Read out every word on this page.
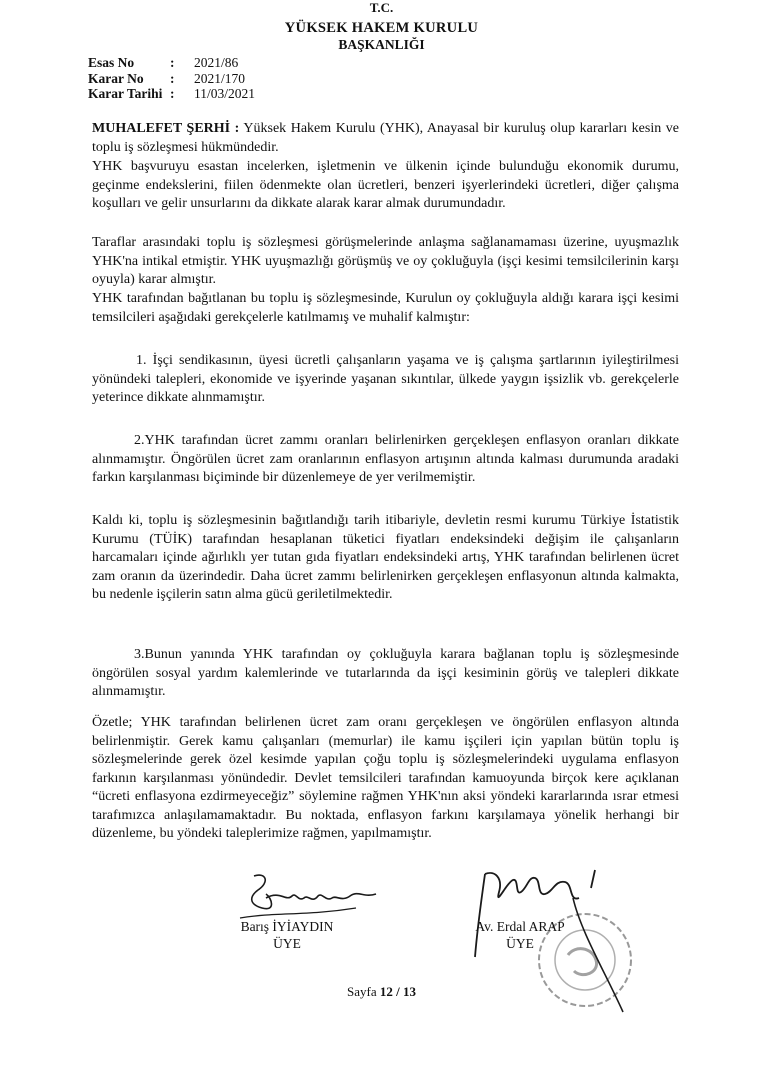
T.C.
YÜKSEK HAKEM KURULU
BAŞKANLIĞI
Esas No	:	2021/86
Karar No	:	2021/170
Karar Tarihi :	11/03/2021

MUHALEFET ŞERHİ : Yüksek Hakem Kurulu (YHK), Anayasal bir kuruluş olup kararları kesin ve toplu iş sözleşmesi hükmündedir.

YHK başvuruyu esastan incelerken, işletmenin ve ülkenin içinde bulunduğu ekonomik durumu, geçinme endekslerini, fiilen ödenmekte olan ücretleri, benzeri işyerlerindeki ücretleri, diğer çalışma koşulları ve gelir unsurlarını da dikkate alarak karar almak durumundadır.

Taraflar arasındaki toplu iş sözleşmesi görüşmelerinde anlaşma sağlanamaması üzerine, uyuşmazlık YHK'na intikal etmiştir. YHK uyuşmazlığı görüşmüş ve oy çokluğuyla (işçi kesimi temsilcilerinin karşı oyuyla) karar almıştır.

YHK tarafından bağıtlanan bu toplu iş sözleşmesinde, Kurulun oy çokluğuyla aldığı karara işçi kesimi temsilcileri aşağıdaki gerekçelerle katılmamış ve muhalif kalmıştır:

1. İşçi sendikasının, üyesi ücretli çalışanların yaşama ve iş çalışma şartlarının iyileştirilmesi yönündeki talepleri, ekonomide ve işyerinde yaşanan sıkıntılar, ülkede yaygın işsizlik vb. gerekçelerle yeterince dikkate alınmamıştır.

2.YHK tarafından ücret zammı oranları belirlenirken gerçekleşen enflasyon oranları dikkate alınmamıştır. Öngörülen ücret zam oranlarının enflasyon artışının altında kalması durumunda aradaki farkın karşılanması biçiminde bir düzenlemeye de yer verilmemiştir.

Kaldı ki, toplu iş sözleşmesinin bağıtlandığı tarih itibariyle, devletin resmi kurumu Türkiye İstatistik Kurumu (TÜİK) tarafından hesaplanan tüketici fiyatları endeksindeki değişim ile çalışanların harcamaları içinde ağırlıklı yer tutan gıda fiyatları endeksindeki artış, YHK tarafından belirlenen ücret zam oranın da üzerindedir. Daha ücret zammı belirlenirken gerçekleşen enflasyonun altında kalmakta, bu nedenle işçilerin satın alma gücü geriletilmektedir.

3.Bunun yanında YHK tarafından oy çokluğuyla karara bağlanan toplu iş sözleşmesinde öngörülen sosyal yardım kalemlerinde ve tutarlarında da işçi kesiminin görüş ve talepleri dikkate alınmamıştır.

Özetle; YHK tarafından belirlenen ücret zam oranı gerçekleşen ve öngörülen enflasyon altında belirlenmiştir. Gerek kamu çalışanları (memurlar) ile kamu işçileri için yapılan bütün toplu iş sözleşmelerinde gerek özel kesimde yapılan çoğu toplu iş sözleşmelerindeki uygulama enflasyon farkının karşılanması yönündedir. Devlet temsilcileri tarafından kamuoyunda birçok kere açıklanan “ücreti enflasyona ezdirmeyeceğiz” söylemine rağmen YHK'nın aksi yöndeki kararlarında ısrar etmesi tarafımızca anlaşılamamaktadır. Bu noktada, enflasyon farkını karşılamaya yönelik herhangi bir düzenleme, bu yöndeki taleplerimize rağmen, yapılmamıştır.

Barış İYİAYDIN
ÜYE
Av. Erdal ARAP
ÜYE
Sayfa 12 / 13
